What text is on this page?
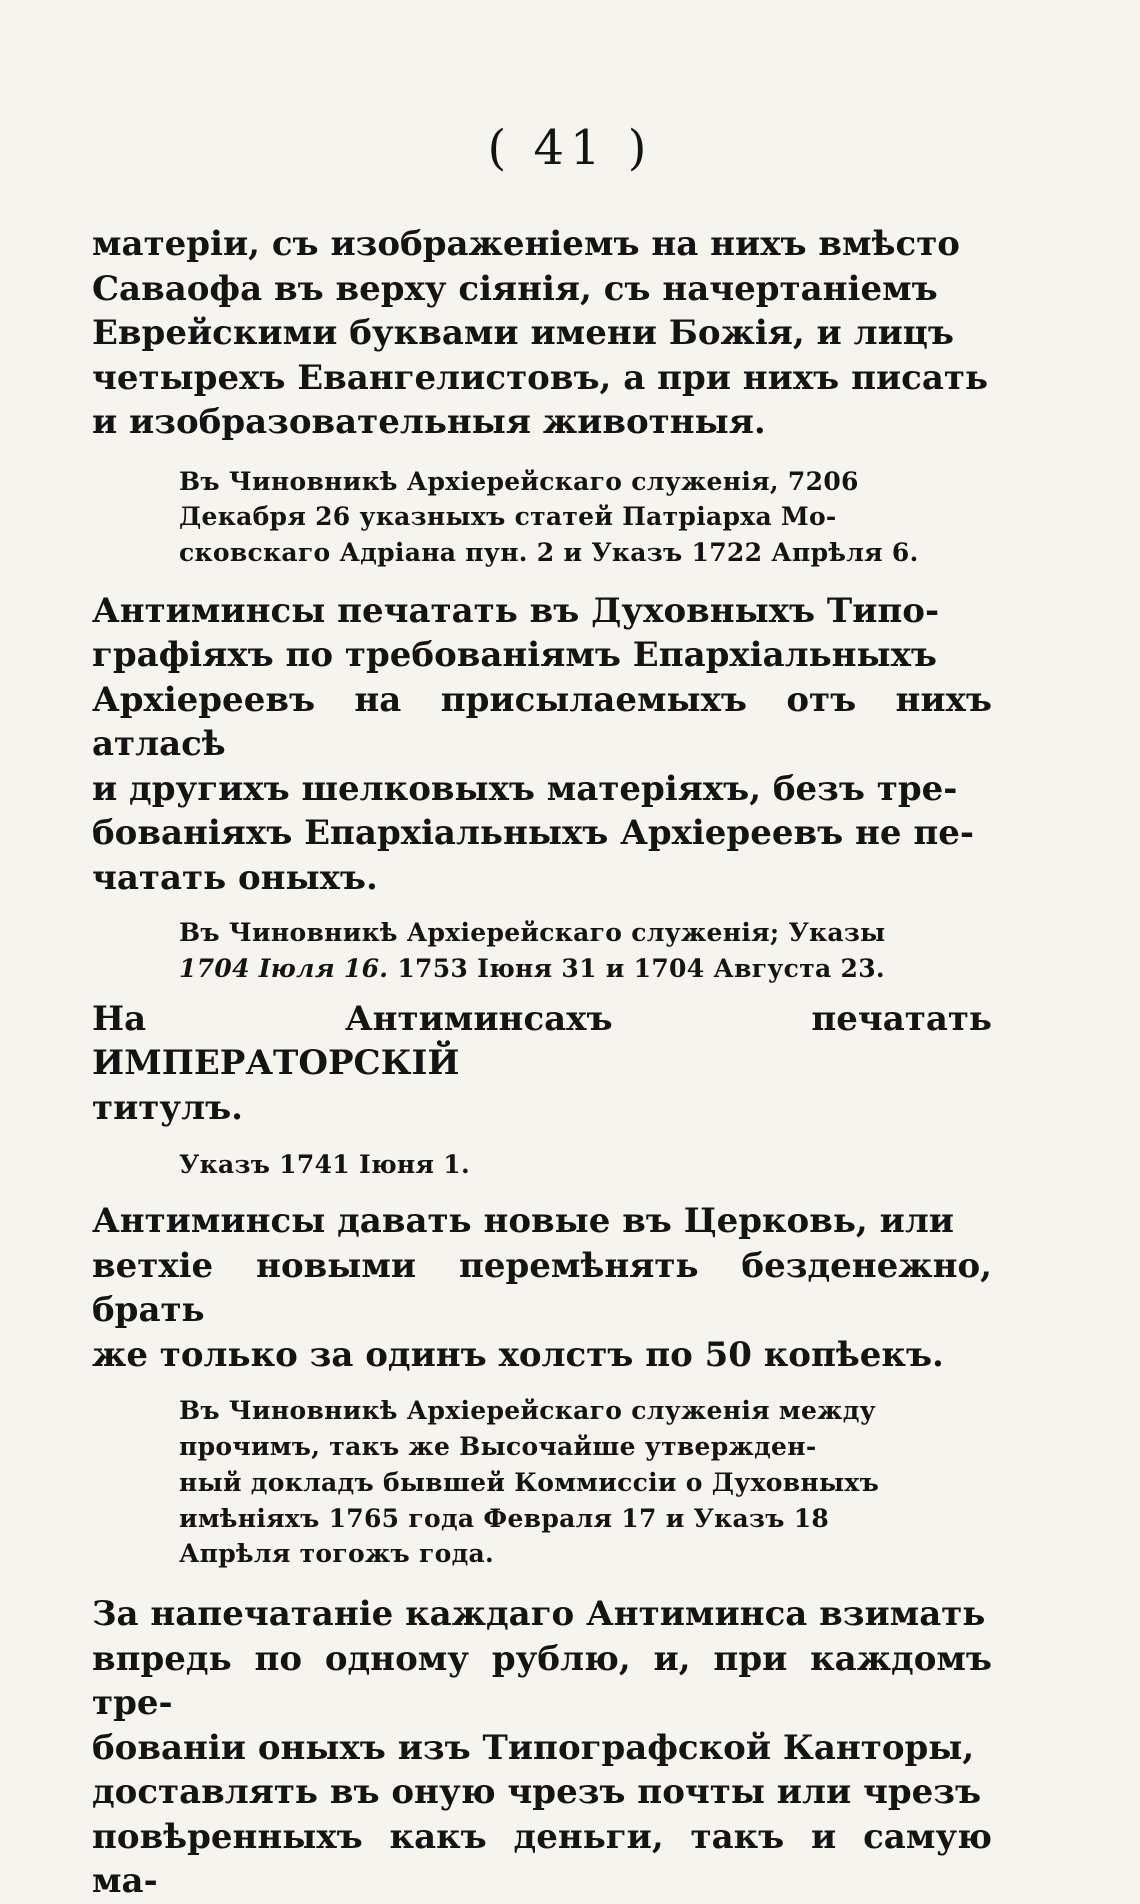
( 41 )

матеріи, съ изображеніемъ на нихъ вмѣсто
Саваофа въ верху сіянія, съ начертаніемъ
Еврейскими буквами имени Божія, и лицъ
четырехъ Евангелистовъ, а при нихъ писать
и изобразовательныя животныя.

Въ Чиновникѣ Архіерейскаго служенія, 7206
Декабря 26 указныхъ статей Патріарха Мо-
сковскаго Адріана пун. 2 и Указъ 1722 Апрѣля 6.

Антиминсы печатать въ Духовныхъ Типо-
графіяхъ по требованіямъ Епархіальныхъ
Архіереевъ на присылаемыхъ отъ нихъ атласѣ
и другихъ шелковыхъ матеріяхъ, безъ тре-
бованіяхъ Епархіальныхъ Архіереевъ не пе-
чатать оныхъ.

Въ Чиновникѣ Архіерейскаго служенія; Указы
1704 Іюля 16. 1753 Іюня 31 и 1704 Августа 23.

На Антиминсахъ печатать ИМПЕРАТОРСКІЙ
титулъ.

Указъ 1741 Іюня 1.

Антиминсы давать новые въ Церковь, или
ветхіе новыми перемѣнять безденежно, брать
же только за одинъ холстъ по 50 копѣекъ.

Въ Чиновникѣ Архіерейскаго служенія между
прочимъ, такъ же Высочайше утвержден-
ный докладъ бывшей Коммиссіи о Духовныхъ
имѣніяхъ 1765 года Февраля 17 и Указъ 18
Апрѣля тогожъ года.

За напечатаніе каждаго Антиминса взимать
впредь по одному рублю, и, при каждомъ тре-
бованіи оныхъ изъ Типографской Канторы,
доставлять въ оную чрезъ почты или чрезъ
повѣренныхъ какъ деньги, такъ и самую ма-
